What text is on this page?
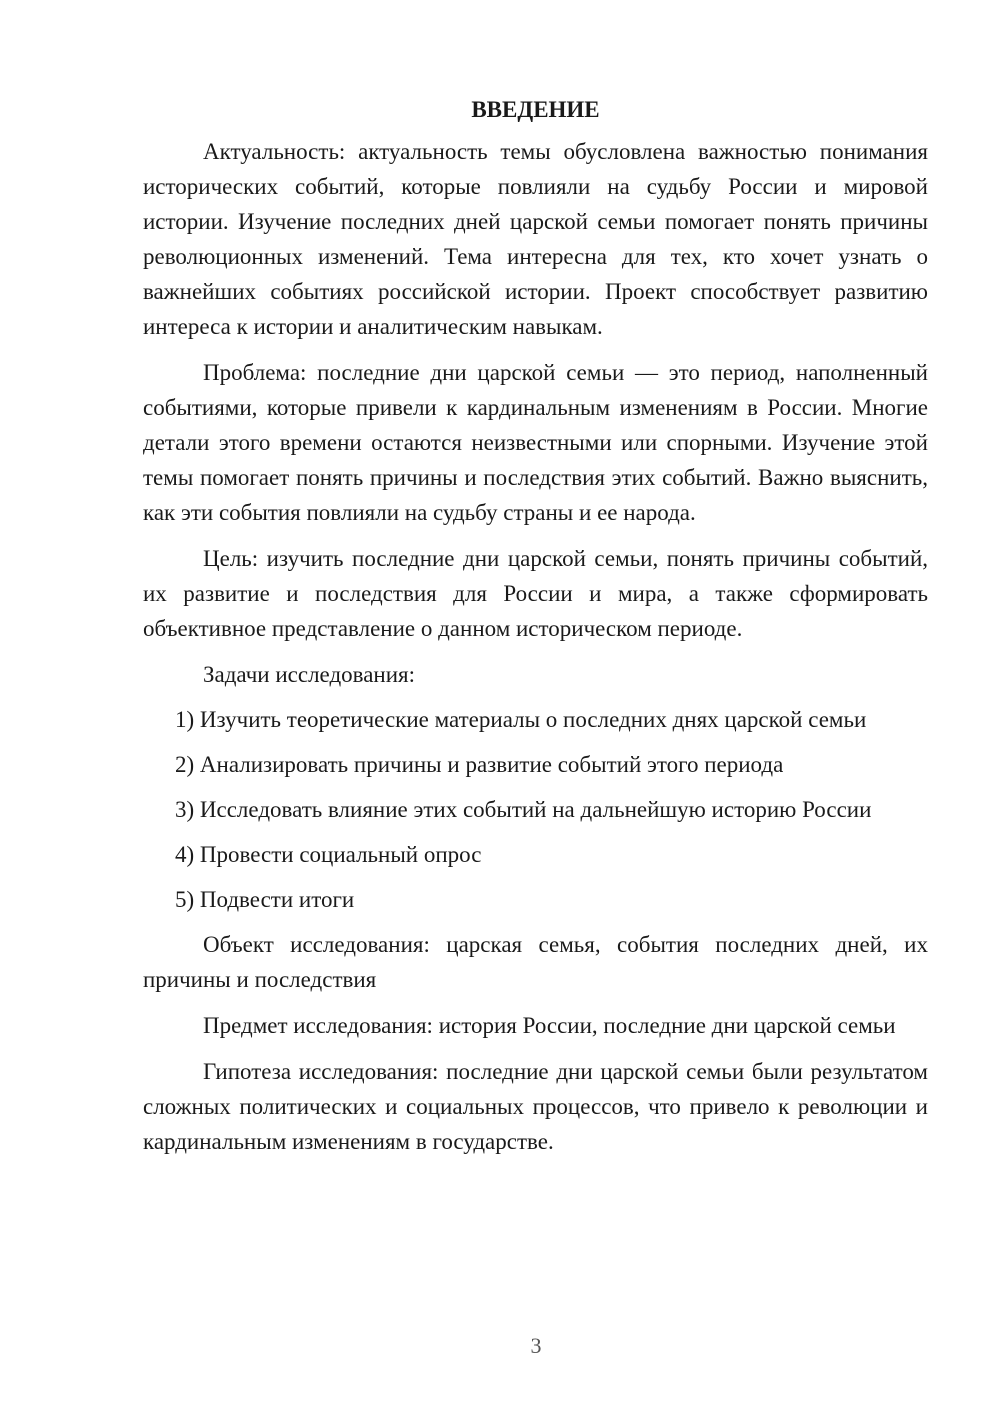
ВВЕДЕНИЕ

Актуальность: актуальность темы обусловлена важностью понимания исторических событий, которые повлияли на судьбу России и мировой истории. Изучение последних дней царской семьи помогает понять причины революционных изменений. Тема интересна для тех, кто хочет узнать о важнейших событиях российской истории. Проект способствует развитию интереса к истории и аналитическим навыкам.

Проблема: последние дни царской семьи — это период, наполненный событиями, которые привели к кардинальным изменениям в России. Многие детали этого времени остаются неизвестными или спорными. Изучение этой темы помогает понять причины и последствия этих событий. Важно выяснить, как эти события повлияли на судьбу страны и ее народа.

Цель: изучить последние дни царской семьи, понять причины событий, их развитие и последствия для России и мира, а также сформировать объективное представление о данном историческом периоде.

Задачи исследования:

1) Изучить теоретические материалы о последних днях царской семьи
2) Анализировать причины и развитие событий этого периода
3) Исследовать влияние этих событий на дальнейшую историю России
4) Провести социальный опрос
5) Подвести итоги

Объект исследования: царская семья, события последних дней, их причины и последствия

Предмет исследования: история России, последние дни царской семьи

Гипотеза исследования: последние дни царской семьи были результатом сложных политических и социальных процессов, что привело к революции и кардинальным изменениям в государстве.

3
